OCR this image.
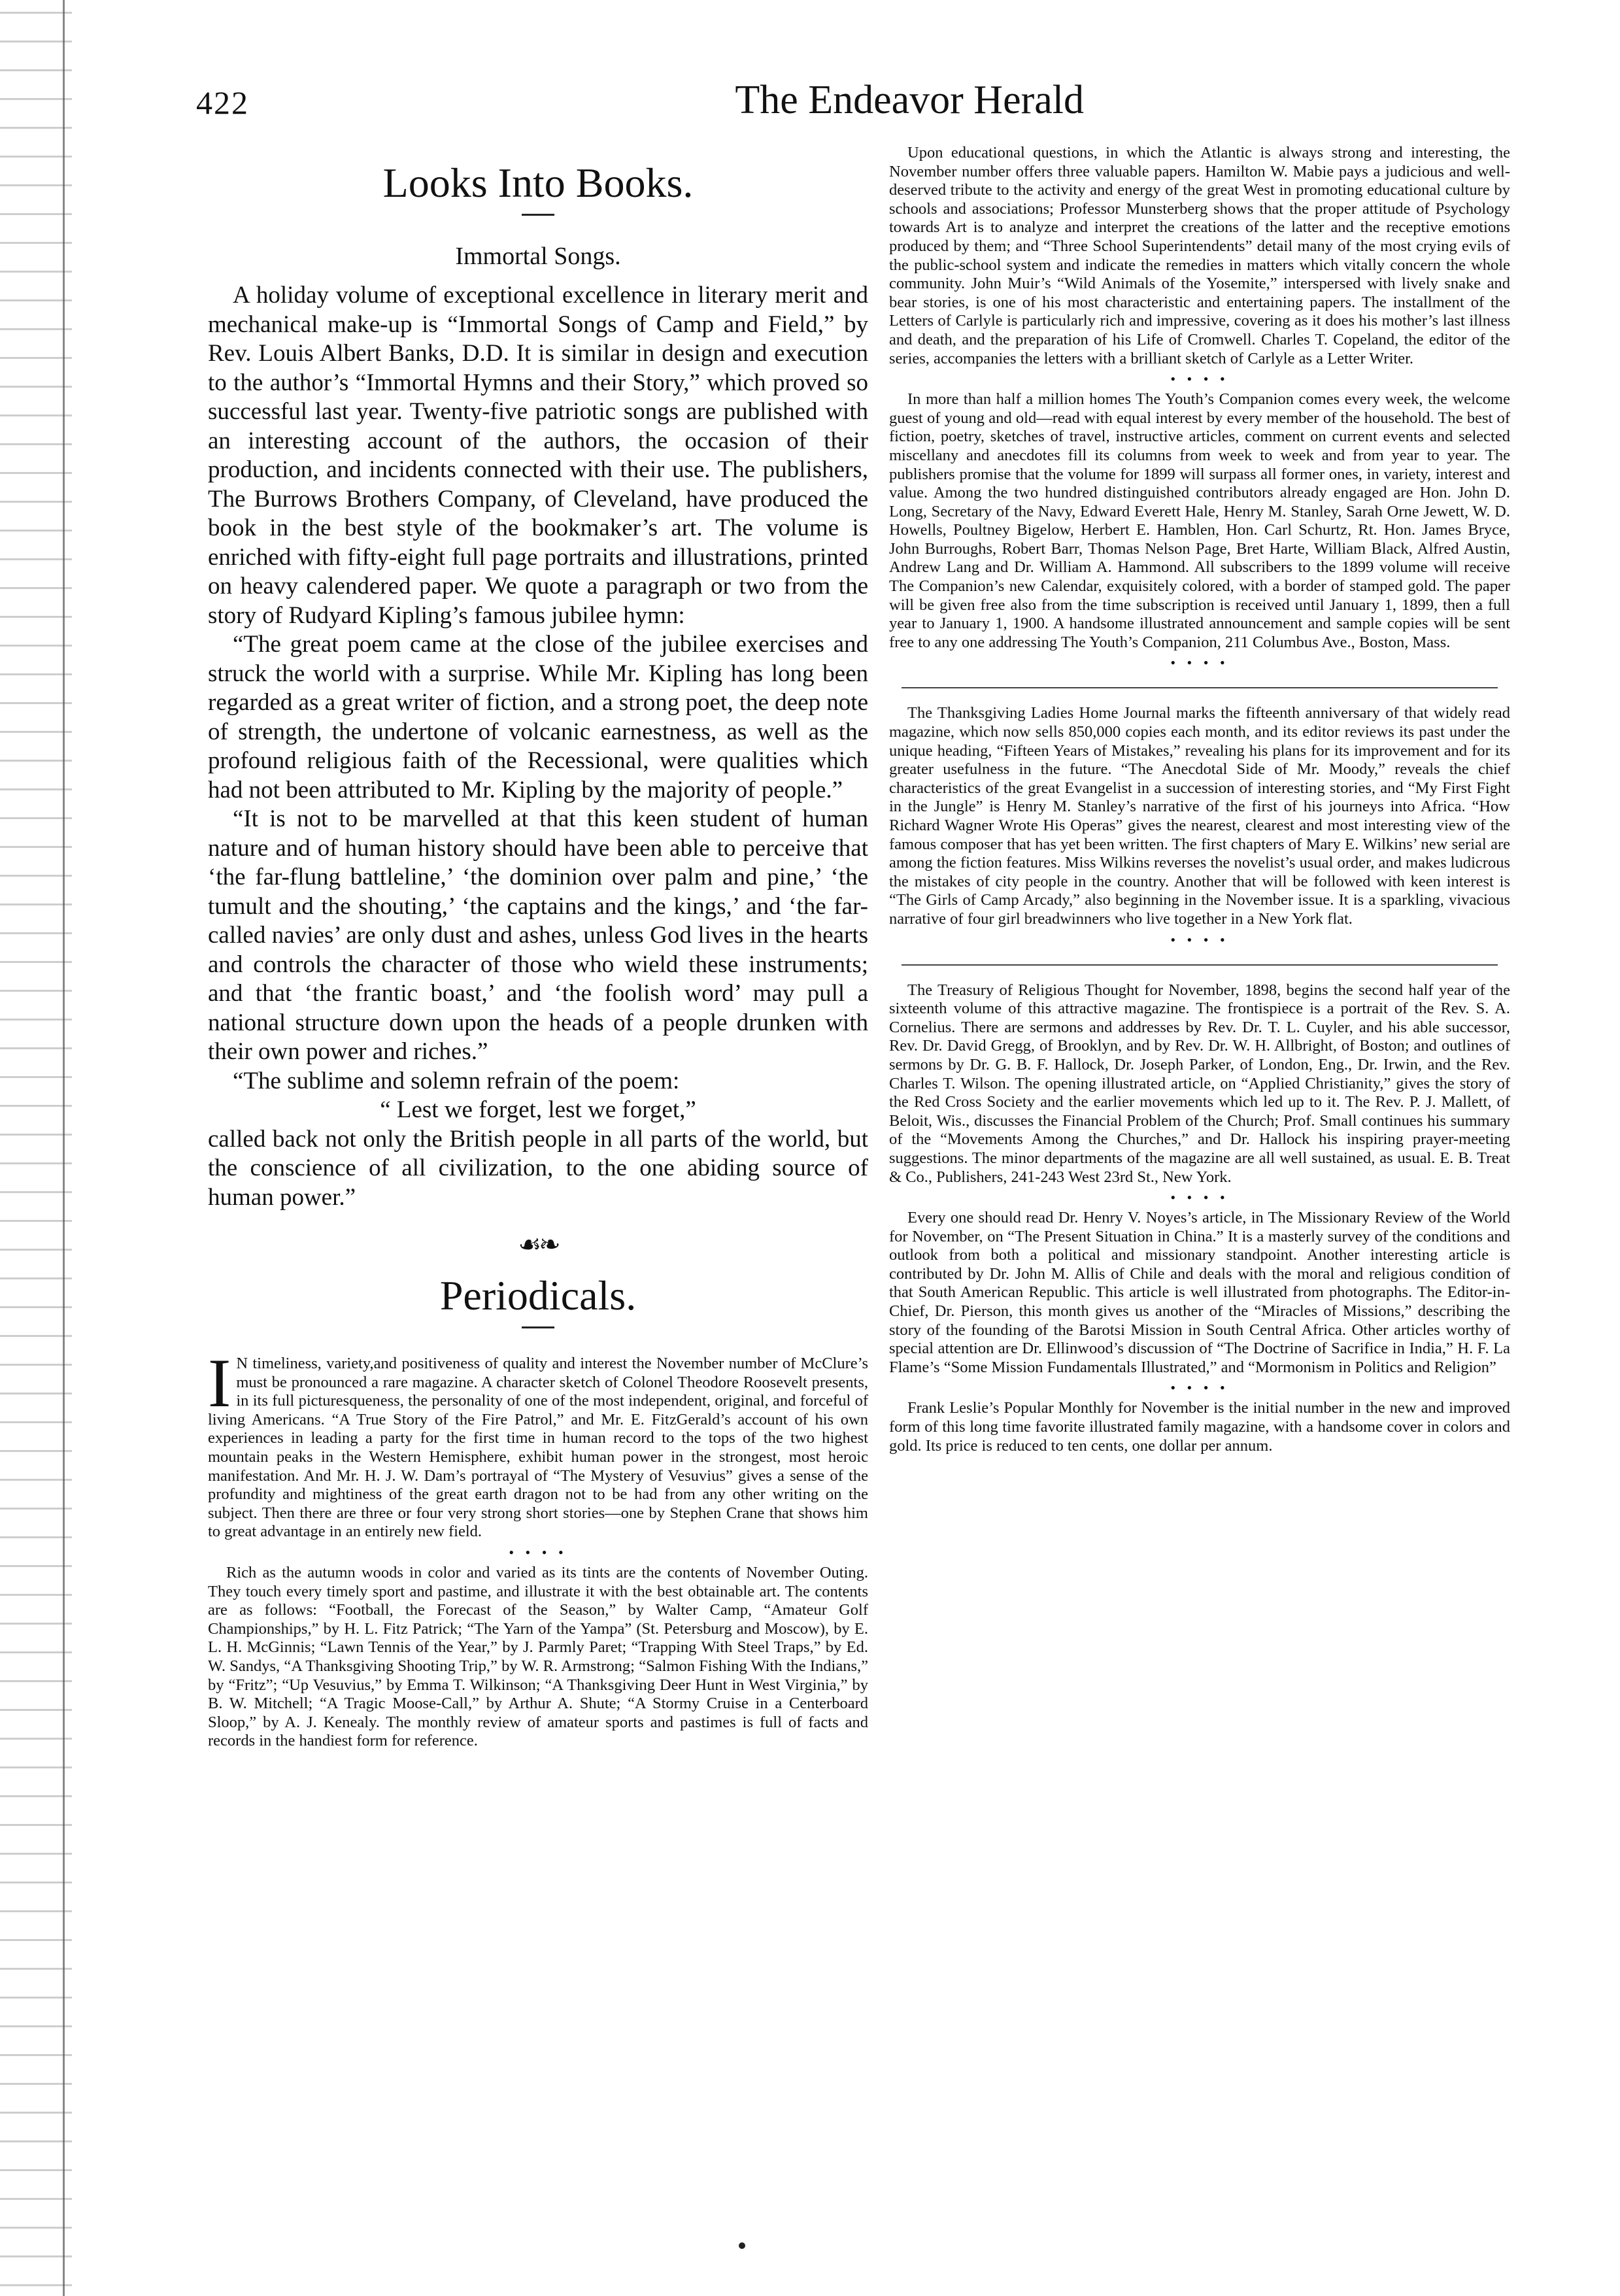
422	The Endeavor Herald
Looks Into Books.
Immortal Songs.

A holiday volume of exceptional excellence in literary merit and mechanical make-up is “Immortal Songs of Camp and Field,” by Rev. Louis Albert Banks, D.D. It is similar in design and execution to the author’s “Immortal Hymns and their Story,” which proved so successful last year. Twenty-five patriotic songs are published with an interesting account of the authors, the occasion of their production, and incidents connected with their use. The publishers, The Burrows Brothers Company, of Cleveland, have produced the book in the best style of the bookmaker’s art. The volume is enriched with fifty-eight full page portraits and illustrations, printed on heavy calendered paper. We quote a paragraph or two from the story of Rudyard Kipling’s famous jubilee hymn:

“The great poem came at the close of the jubilee exercises and struck the world with a surprise. While Mr. Kipling has long been regarded as a great writer of fiction, and a strong poet, the deep note of strength, the undertone of volcanic earnestness, as well as the profound religious faith of the Recessional, were qualities which had not been attributed to Mr. Kipling by the majority of people.”

“It is not to be marvelled at that this keen student of human nature and of human history should have been able to perceive that ‘the far-flung battleline,’ ‘the dominion over palm and pine,’ ‘the tumult and the shouting,’ ‘the captains and the kings,’ and ‘the far-called navies’ are only dust and ashes, unless God lives in the hearts and controls the character of those who wield these instruments; and that ‘the frantic boast,’ and ‘the foolish word’ may pull a national structure down upon the heads of a people drunken with their own power and riches.”

“The sublime and solemn refrain of the poem:

“ Lest we forget, lest we forget,”

called back not only the British people in all parts of the world, but the conscience of all civilization, to the one abiding source of human power.”

☙❧
Periodicals.

I N timeliness, variety,and positiveness of quality and interest the November number of McClure’s must be pronounced a rare magazine. A character sketch of Colonel Theodore Roosevelt presents, in its full picturesqueness, the personality of one of the most independent, original, and forceful of living Americans. “A True Story of the Fire Patrol,” and Mr. E. FitzGerald’s account of his own experiences in leading a party for the first time in human record to the tops of the two highest mountain peaks in the Western Hemisphere, exhibit human power in the strongest, most heroic manifestation. And Mr. H. J. W. Dam’s portrayal of “The Mystery of Vesuvius” gives a sense of the profundity and mightiness of the great earth dragon not to be had from any other writing on the subject. Then there are three or four very strong short stories—one by Stephen Crane that shows him to great advantage in an entirely new field.

• • • •

Rich as the autumn woods in color and varied as its tints are the contents of November Outing. They touch every timely sport and pastime, and illustrate it with the best obtainable art. The contents are as follows: “Football, the Forecast of the Season,” by Walter Camp, “Amateur Golf Championships,” by H. L. Fitz Patrick; “The Yarn of the Yampa” (St. Petersburg and Moscow), by E. L. H. McGinnis; “Lawn Tennis of the Year,” by J. Parmly Paret; “Trapping With Steel Traps,” by Ed. W. Sandys, “A Thanksgiving Shooting Trip,” by W. R. Armstrong; “Salmon Fishing With the Indians,” by “Fritz”; “Up Vesuvius,” by Emma T. Wilkinson; “A Thanksgiving Deer Hunt in West Virginia,” by B. W. Mitchell; “A Tragic Moose-Call,” by Arthur A. Shute; “A Stormy Cruise in a Centerboard Sloop,” by A. J. Kenealy. The monthly review of amateur sports and pastimes is full of facts and records in the handiest form for reference.

Upon educational questions, in which the Atlantic is always strong and interesting, the November number offers three valuable papers. Hamilton W. Mabie pays a judicious and well-deserved tribute to the activity and energy of the great West in promoting educational culture by schools and associations; Professor Munsterberg shows that the proper attitude of Psychology towards Art is to analyze and interpret the creations of the latter and the receptive emotions produced by them; and “Three School Superintendents” detail many of the most crying evils of the public-school system and indicate the remedies in matters which vitally concern the whole community. John Muir’s “Wild Animals of the Yosemite,” interspersed with lively snake and bear stories, is one of his most characteristic and entertaining papers. The installment of the Letters of Carlyle is particularly rich and impressive, covering as it does his mother’s last illness and death, and the preparation of his Life of Cromwell. Charles T. Copeland, the editor of the series, accompanies the letters with a brilliant sketch of Carlyle as a Letter Writer.

• • • •

In more than half a million homes The Youth’s Companion comes every week, the welcome guest of young and old—read with equal interest by every member of the household. The best of fiction, poetry, sketches of travel, instructive articles, comment on current events and selected miscellany and anecdotes fill its columns from week to week and from year to year. The publishers promise that the volume for 1899 will surpass all former ones, in variety, interest and value. Among the two hundred distinguished contributors already engaged are Hon. John D. Long, Secretary of the Navy, Edward Everett Hale, Henry M. Stanley, Sarah Orne Jewett, W. D. Howells, Poultney Bigelow, Herbert E. Hamblen, Hon. Carl Schurtz, Rt. Hon. James Bryce, John Burroughs, Robert Barr, Thomas Nelson Page, Bret Harte, William Black, Alfred Austin, Andrew Lang and Dr. William A. Hammond. All subscribers to the 1899 volume will receive The Companion’s new Calendar, exquisitely colored, with a border of stamped gold. The paper will be given free also from the time subscription is received until January 1, 1899, then a full year to January 1, 1900. A handsome illustrated announcement and sample copies will be sent free to any one addressing The Youth’s Companion, 211 Columbus Ave., Boston, Mass.

• • • •

The Thanksgiving Ladies Home Journal marks the fifteenth anniversary of that widely read magazine, which now sells 850,000 copies each month, and its editor reviews its past under the unique heading, “Fifteen Years of Mistakes,” revealing his plans for its improvement and for its greater usefulness in the future. “The Anecdotal Side of Mr. Moody,” reveals the chief characteristics of the great Evangelist in a succession of interesting stories, and “My First Fight in the Jungle” is Henry M. Stanley’s narrative of the first of his journeys into Africa. “How Richard Wagner Wrote His Operas” gives the nearest, clearest and most interesting view of the famous composer that has yet been written. The first chapters of Mary E. Wilkins’ new serial are among the fiction features. Miss Wilkins reverses the novelist’s usual order, and makes ludicrous the mistakes of city people in the country. Another that will be followed with keen interest is “The Girls of Camp Arcady,” also beginning in the November issue. It is a sparkling, vivacious narrative of four girl breadwinners who live together in a New York flat.

• • • •

The Treasury of Religious Thought for November, 1898, begins the second half year of the sixteenth volume of this attractive magazine. The frontispiece is a portrait of the Rev. S. A. Cornelius. There are sermons and addresses by Rev. Dr. T. L. Cuyler, and his able successor, Rev. Dr. David Gregg, of Brooklyn, and by Rev. Dr. W. H. Allbright, of Boston; and outlines of sermons by Dr. G. B. F. Hallock, Dr. Joseph Parker, of London, Eng., Dr. Irwin, and the Rev. Charles T. Wilson. The opening illustrated article, on “Applied Christianity,” gives the story of the Red Cross Society and the earlier movements which led up to it. The Rev. P. J. Mallett, of Beloit, Wis., discusses the Financial Problem of the Church; Prof. Small continues his summary of the “Movements Among the Churches,” and Dr. Hallock his inspiring prayer-meeting suggestions. The minor departments of the magazine are all well sustained, as usual. E. B. Treat & Co., Publishers, 241-243 West 23rd St., New York.

• • • •

Every one should read Dr. Henry V. Noyes’s article, in The Missionary Review of the World for November, on “The Present Situation in China.” It is a masterly survey of the conditions and outlook from both a political and missionary standpoint. Another interesting article is contributed by Dr. John M. Allis of Chile and deals with the moral and religious condition of that South American Republic. This article is well illustrated from photographs. The Editor-in-Chief, Dr. Pierson, this month gives us another of the “Miracles of Missions,” describing the story of the founding of the Barotsi Mission in South Central Africa. Other articles worthy of special attention are Dr. Ellinwood’s discussion of “The Doctrine of Sacrifice in India,” H. F. La Flame’s “Some Mission Fundamentals Illustrated,” and “Mormonism in Politics and Religion”

• • • •

Frank Leslie’s Popular Monthly for November is the initial number in the new and improved form of this long time favorite illustrated family magazine, with a handsome cover in colors and gold. Its price is reduced to ten cents, one dollar per annum.
